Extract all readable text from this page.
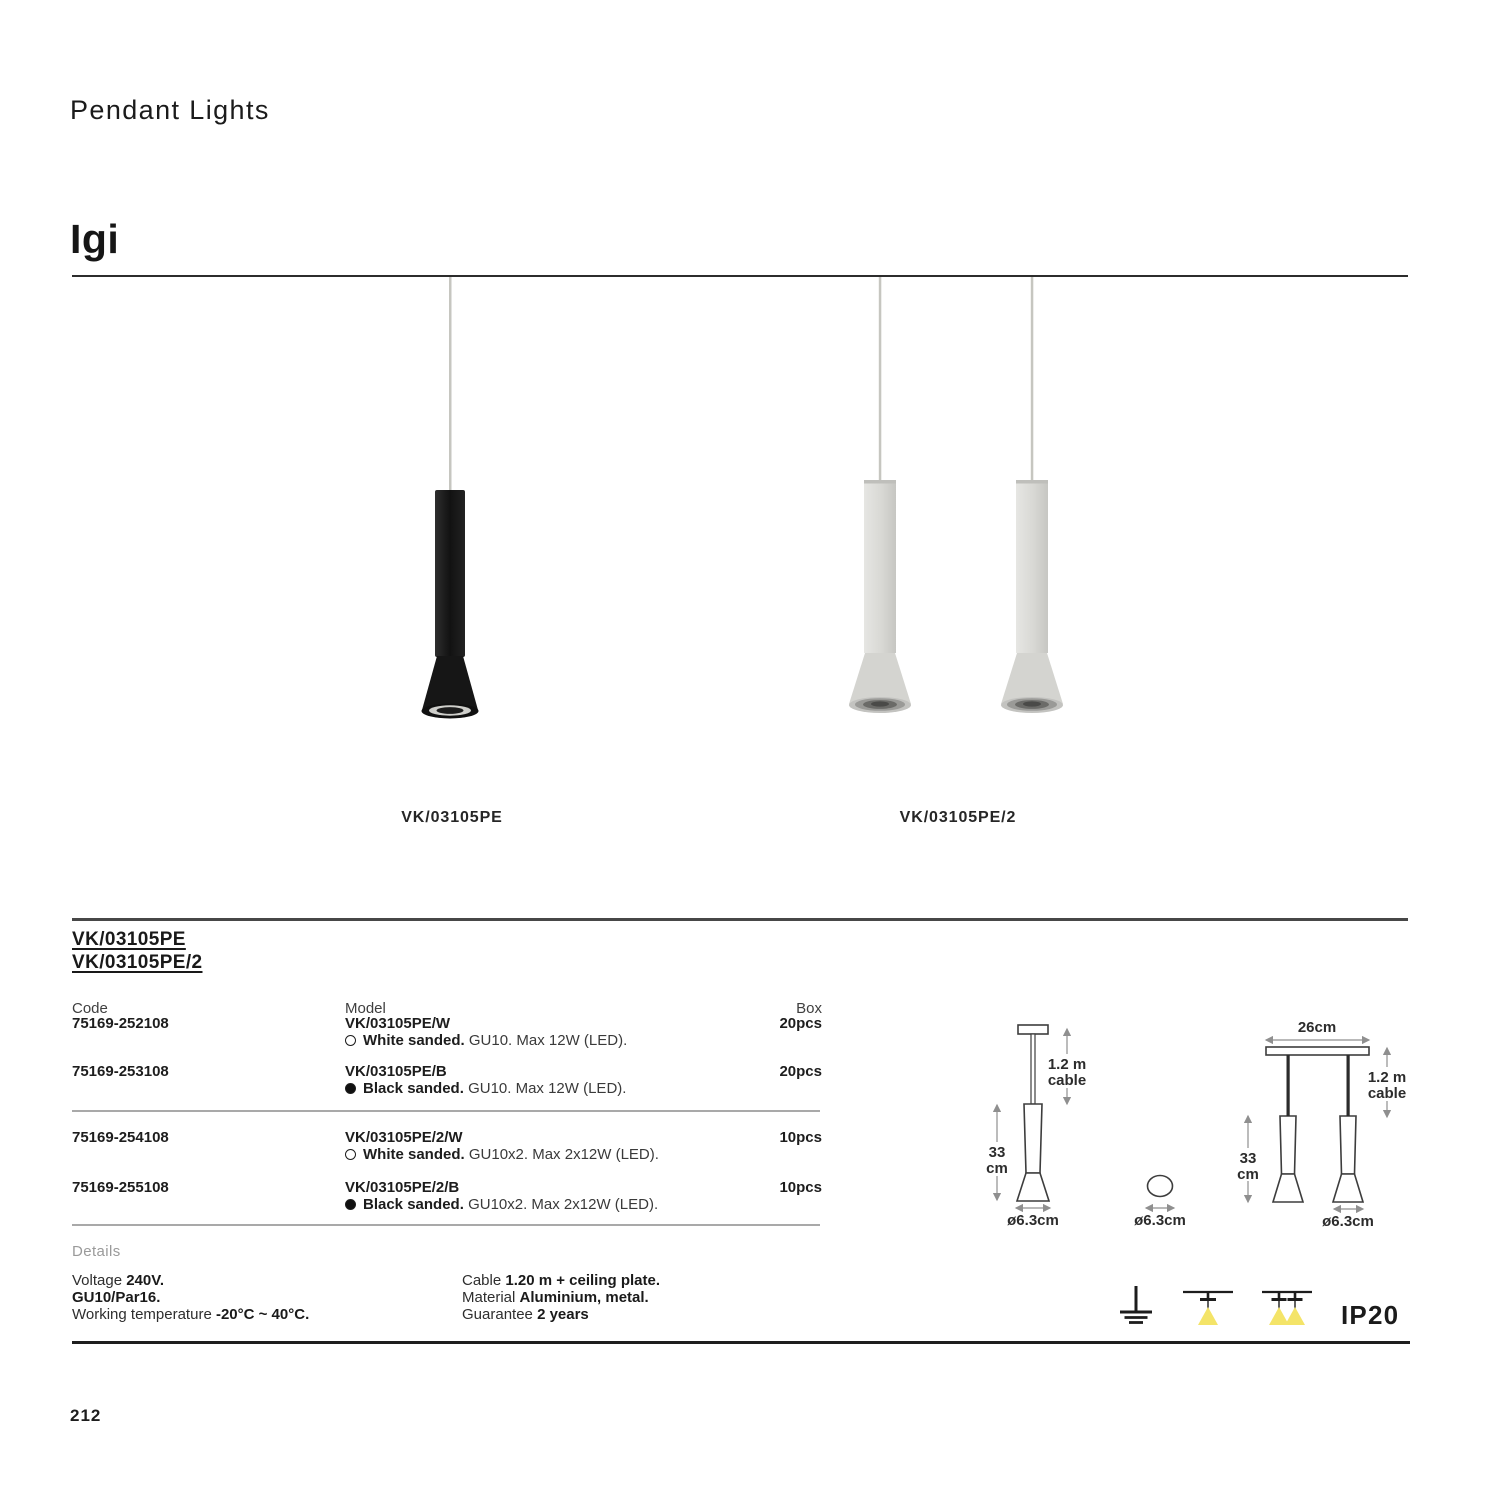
Pendant Lights
Igi
VK/03105PE	VK/03105PE/2
VK/03105PE
VK/03105PE/2
Code	Model	Box
75169-252108	VK/03105PE/W	20pcs
White sanded. GU10. Max 12W (LED).
75169-253108	VK/03105PE/B	20pcs
Black sanded. GU10. Max 12W (LED).
75169-254108	VK/03105PE/2/W	10pcs
White sanded. GU10x2. Max 2x12W (LED).
75169-255108	VK/03105PE/2/B	10pcs
Black sanded. GU10x2. Max 2x12W (LED).
Details
Voltage 240V.
GU10/Par16.
Working temperature -20°C ~ 40°C.
Cable 1.20 m + ceiling plate.
Material Aluminium, metal.
Guarantee 2 years
1.2 m
cable
33
cm
ø6.3cm	ø6.3cm
26cm
1.2 m
cable
33
cm
ø6.3cm
IP20
212
